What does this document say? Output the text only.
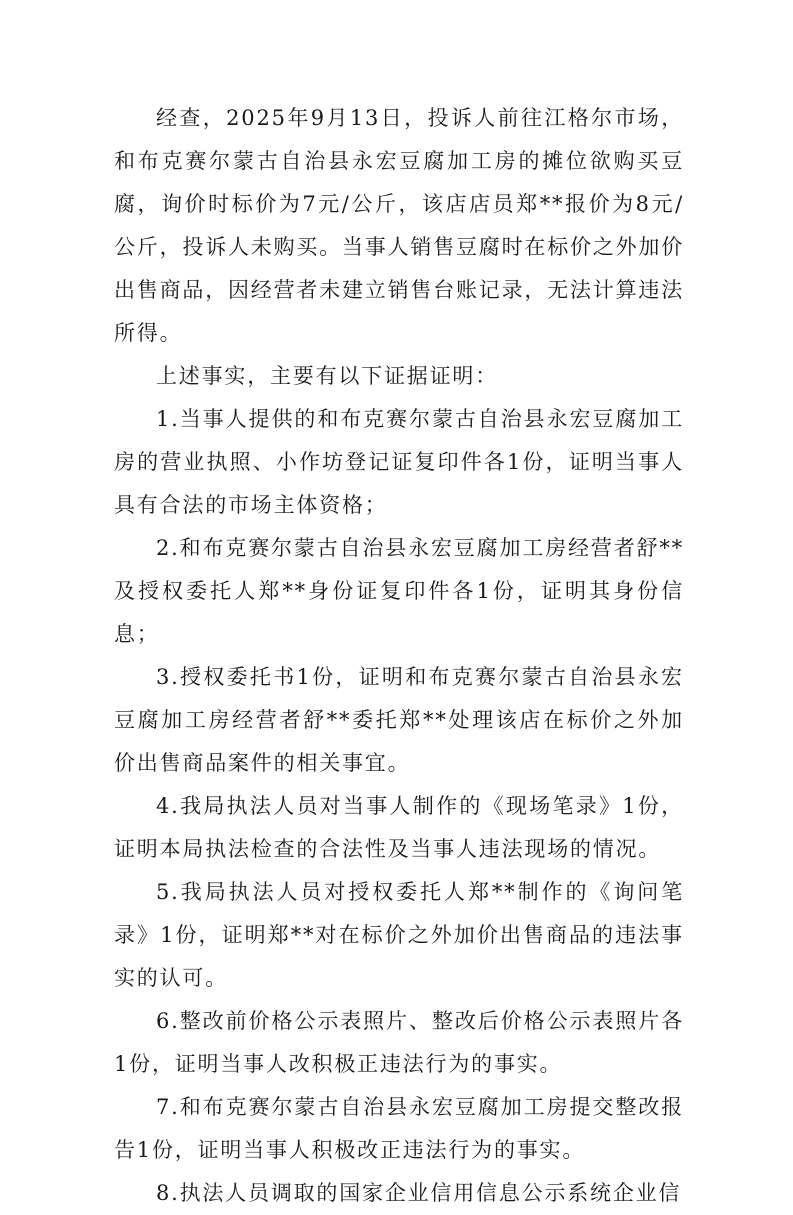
经查，2025年9月13日，投诉人前往江格尔市场，和布克赛尔蒙古自治县永宏豆腐加工房的摊位欲购买豆腐，询价时标价为7元/公斤，该店店员郑**报价为8元/公斤，投诉人未购买。当事人销售豆腐时在标价之外加价出售商品，因经营者未建立销售台账记录，无法计算违法所得。

上述事实，主要有以下证据证明：

1.当事人提供的和布克赛尔蒙古自治县永宏豆腐加工房的营业执照、小作坊登记证复印件各1份，证明当事人具有合法的市场主体资格；

2.和布克赛尔蒙古自治县永宏豆腐加工房经营者舒**及授权委托人郑**身份证复印件各1份，证明其身份信息；

3.授权委托书1份，证明和布克赛尔蒙古自治县永宏豆腐加工房经营者舒**委托郑**处理该店在标价之外加价出售商品案件的相关事宜。

4.我局执法人员对当事人制作的《现场笔录》1份，证明本局执法检查的合法性及当事人违法现场的情况。

5.我局执法人员对授权委托人郑**制作的《询问笔录》1份，证明郑**对在标价之外加价出售商品的违法事实的认可。

6.整改前价格公示表照片、整改后价格公示表照片各1份，证明当事人改积极正违法行为的事实。

7.和布克赛尔蒙古自治县永宏豆腐加工房提交整改报告1份，证明当事人积极改正违法行为的事实。

8.执法人员调取的国家企业信用信息公示系统企业信
